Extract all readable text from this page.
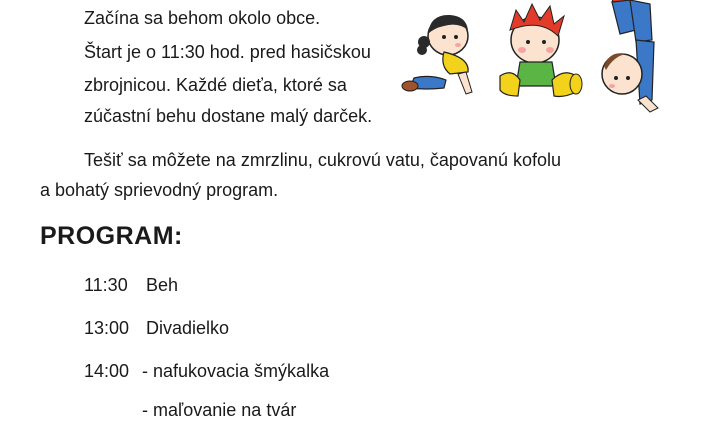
Začína sa behom okolo obce.
Štart je o 11:30 hod. pred hasičskou
zbrojnicou. Každé dieťa, ktoré sa
zúčastní behu dostane malý darček.
Tešiť sa môžete na zmrzlinu, cukrovú vatu, čapovanú kofolu
a bohatý sprievodný program.
PROGRAM:
11:30 Beh
13:00 Divadielko
14:00 - nafukovacia šmýkalka
- maľovanie na tvár
